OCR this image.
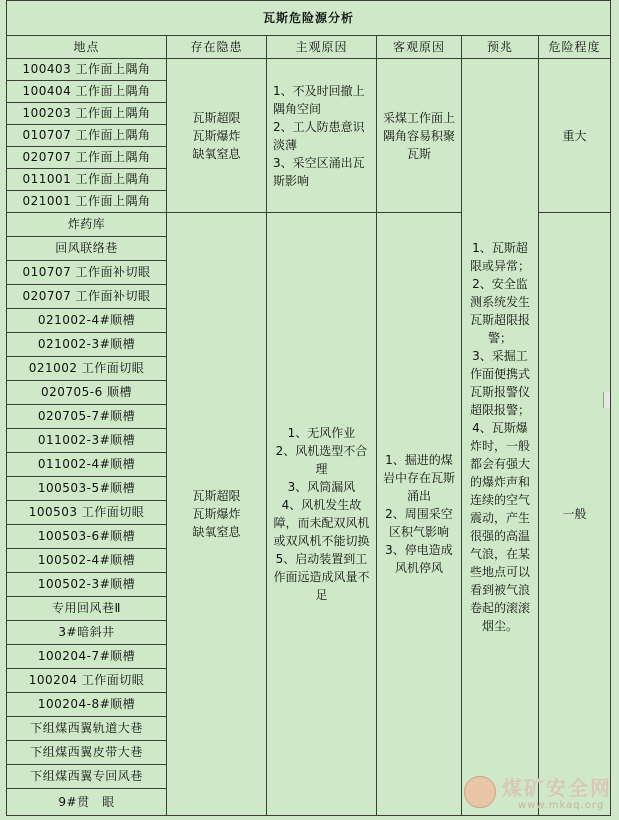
瓦斯危险源分析					
地点	存在隐患	主观原因	客观原因	预兆	危险程度
100403 工作面上隅角	瓦斯超限
瓦斯爆炸
缺氧窒息	1、不及时回撤上隅角空间
2、工人防患意识淡薄
3、采空区涌出瓦斯影响	采煤工作面上隅角容易积聚瓦斯	1、瓦斯超限或异常；
2、安全监测系统发生瓦斯超限报警；
3、采掘工作面便携式瓦斯报警仪超限报警；
4、瓦斯爆炸时，一般都会有强大的爆炸声和连续的空气震动，产生很强的高温气浪，在某些地点可以看到被气浪卷起的滚滚烟尘。	重大
100404 工作面上隅角					
100203 工作面上隅角					
010707 工作面上隅角					
020707 工作面上隅角					
011001 工作面上隅角					
021001 工作面上隅角					
炸药库	瓦斯超限
瓦斯爆炸
缺氧窒息	1、无风作业
2、风机选型不合理
3、风筒漏风
4、风机发生故障，而未配双风机或双风机不能切换
5、启动装置到工作面远造成风量不足	1、掘进的煤岩中存在瓦斯涌出
2、周围采空区积气影响
3、停电造成风机停风		一般
回风联络巷					
010707 工作面补切眼					
020707 工作面补切眼					
021002-4#顺槽					
021002-3#顺槽					
021002 工作面切眼					
020705-6 顺槽					
020705-7#顺槽					
011002-3#顺槽					
011002-4#顺槽					
100503-5#顺槽					
100503 工作面切眼					
100503-6#顺槽					
100502-4#顺槽					
100502-3#顺槽					
专用回风巷Ⅱ					
3#暗斜井					
100204-7#顺槽					
100204 工作面切眼					
100204-8#顺槽					
下组煤西翼轨道大巷					
下组煤西翼皮带大巷					
下组煤西翼专回风巷					
9#贯　眼					
煤矿安全网
www.mkaq.org
